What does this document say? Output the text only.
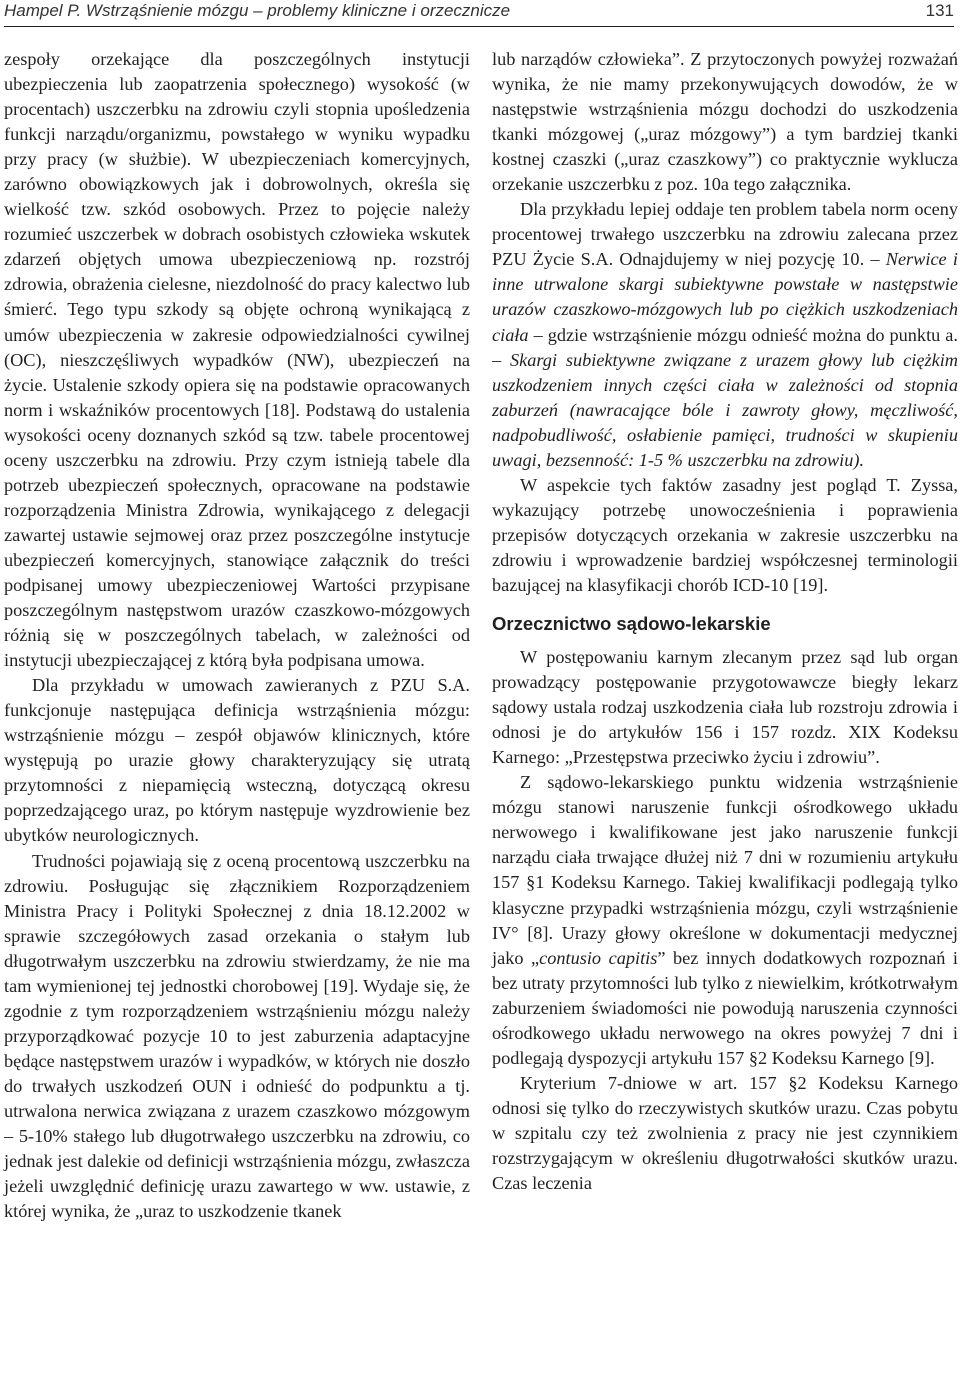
Hampel P. Wstrząśnienie mózgu – problemy kliniczne i orzecznicze	131

zespoły orzekające dla poszczególnych instytucji ubezpieczenia lub zaopatrzenia społecznego) wysokość (w procentach) uszczerbku na zdrowiu czyli stopnia upośledzenia funkcji narządu/organizmu, powstałego w wyniku wypadku przy pracy (w służbie). W ubezpieczeniach komercyjnych, zarówno obowiązkowych jak i dobrowolnych, określa się wielkość tzw. szkód osobowych. Przez to pojęcie należy rozumieć uszczerbek w dobrach osobistych człowieka wskutek zdarzeń objętych umowa ubezpieczeniową np. rozstrój zdrowia, obrażenia cielesne, niezdolność do pracy kalectwo lub śmierć. Tego typu szkody są objęte ochroną wynikającą z umów ubezpieczenia w zakresie odpowiedzialności cywilnej (OC), nieszczęśliwych wypadków (NW), ubezpieczeń na życie. Ustalenie szkody opiera się na podstawie opracowanych norm i wskaźników procentowych [18]. Podstawą do ustalenia wysokości oceny doznanych szkód są tzw. tabele procentowej oceny uszczerbku na zdrowiu. Przy czym istnieją tabele dla potrzeb ubezpieczeń społecznych, opracowane na podstawie rozporządzenia Ministra Zdrowia, wynikającego z delegacji zawartej ustawie sejmowej oraz przez poszczególne instytucje ubezpieczeń komercyjnych, stanowiące załącznik do treści podpisanej umowy ubezpieczeniowej Wartości przypisane poszczególnym następstwom urazów czaszkowo-mózgowych różnią się w poszczególnych tabelach, w zależności od instytucji ubezpieczającej z którą była podpisana umowa.

Dla przykładu w umowach zawieranych z PZU S.A. funkcjonuje następująca definicja wstrząśnienia mózgu: wstrząśnienie mózgu – zespół objawów klinicznych, które występują po urazie głowy charakteryzujący się utratą przytomności z niepamięcią wsteczną, dotyczącą okresu poprzedzającego uraz, po którym następuje wyzdrowienie bez ubytków neurologicznych.

Trudności pojawiają się z oceną procentową uszczerbku na zdrowiu. Posługując się złącznikiem Rozporządzeniem Ministra Pracy i Polityki Społecznej z dnia 18.12.2002 w sprawie szczegółowych zasad orzekania o stałym lub długotrwałym uszczerbku na zdrowiu stwierdzamy, że nie ma tam wymienionej tej jednostki chorobowej [19]. Wydaje się, że zgodnie z tym rozporządzeniem wstrząśnieniu mózgu należy przyporządkować pozycje 10 to jest zaburzenia adaptacyjne będące następstwem urazów i wypadków, w których nie doszło do trwałych uszkodzeń OUN i odnieść do podpunktu a tj. utrwalona nerwica związana z urazem czaszkowo mózgowym – 5-10% stałego lub długotrwałego uszczerbku na zdrowiu, co jednak jest dalekie od definicji wstrząśnienia mózgu, zwłaszcza jeżeli uwzględnić definicję urazu zawartego w ww. ustawie, z której wynika, że „uraz to uszkodzenie tkanek

lub narządów człowieka”. Z przytoczonych powyżej rozważań wynika, że nie mamy przekonywujących dowodów, że w następstwie wstrząśnienia mózgu dochodzi do uszkodzenia tkanki mózgowej („uraz mózgowy”) a tym bardziej tkanki kostnej czaszki („uraz czaszkowy”) co praktycznie wyklucza orzekanie uszczerbku z poz. 10a tego załącznika.

Dla przykładu lepiej oddaje ten problem tabela norm oceny procentowej trwałego uszczerbku na zdrowiu zalecana przez PZU Życie S.A. Odnajdujemy w niej pozycję 10. – Nerwice i inne utrwalone skargi subiektywne powstałe w następstwie urazów czaszkowo-mózgowych lub po ciężkich uszkodzeniach ciała – gdzie wstrząśnienie mózgu odnieść można do punktu a. – Skargi subiektywne związane z urazem głowy lub ciężkim uszkodzeniem innych części ciała w zależności od stopnia zaburzeń (nawracające bóle i zawroty głowy, męczliwość, nadpobudliwość, osłabienie pamięci, trudności w skupieniu uwagi, bezsenność: 1-5 % uszczerbku na zdrowiu).

W aspekcie tych faktów zasadny jest pogląd T. Zyssa, wykazujący potrzebę unowocześnienia i poprawienia przepisów dotyczących orzekania w zakresie uszczerbku na zdrowiu i wprowadzenie bardziej współczesnej terminologii bazującej na klasyfikacji chorób ICD-10 [19].

Orzecznictwo sądowo-lekarskie

W postępowaniu karnym zlecanym przez sąd lub organ prowadzący postępowanie przygotowawcze biegły lekarz sądowy ustala rodzaj uszkodzenia ciała lub rozstroju zdrowia i odnosi je do artykułów 156 i 157 rozdz. XIX Kodeksu Karnego: „Przestępstwa przeciwko życiu i zdrowiu”.

Z sądowo-lekarskiego punktu widzenia wstrząśnienie mózgu stanowi naruszenie funkcji ośrodkowego układu nerwowego i kwalifikowane jest jako naruszenie funkcji narządu ciała trwające dłużej niż 7 dni w rozumieniu artykułu 157 §1 Kodeksu Karnego. Takiej kwalifikacji podlegają tylko klasyczne przypadki wstrząśnienia mózgu, czyli wstrząśnienie IV° [8]. Urazy głowy określone w dokumentacji medycznej jako „contusio capitis” bez innych dodatkowych rozpoznań i bez utraty przytomności lub tylko z niewielkim, krótkotrwałym zaburzeniem świadomości nie powodują naruszenia czynności ośrodkowego układu nerwowego na okres powyżej 7 dni i podlegają dyspozycji artykułu 157 §2 Kodeksu Karnego [9].

Kryterium 7-dniowe w art. 157 §2 Kodeksu Karnego odnosi się tylko do rzeczywistych skutków urazu. Czas pobytu w szpitalu czy też zwolnienia z pracy nie jest czynnikiem rozstrzygającym w określeniu długotrwałości skutków urazu. Czas leczenia
